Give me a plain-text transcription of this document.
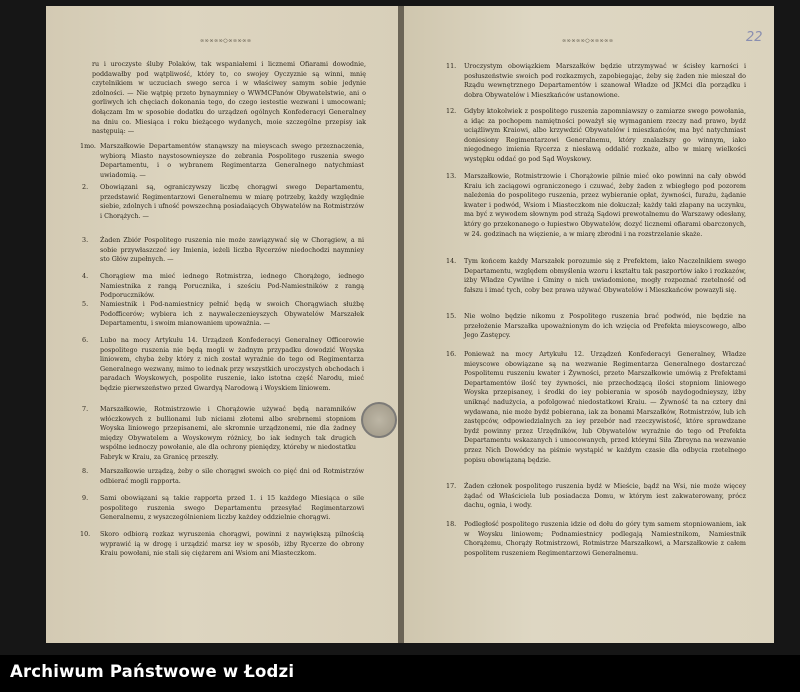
∞∞∞∞∞○∞∞∞∞∞	∞∞∞∞∞○∞∞∞∞∞	22
ru i uroczyste śluby Polaków, tak wspaniałemi i licznemi Ofiarami dowodnie, poddawałby pod wątpliwość, który to, co swojey Oyczyznie są winni, mnię czytelnikiem w uczuciach swego serca i w właściwey samym sobie jedynie zdolności. — Nie wątpię przeto bynaymniey o WWMCPanów Obywatelstwie, ani o gorliwych ich chęciach dokonania tego, do czego iestestie wezwani i umocowani; dołączam Im w sposobie dodatku do urządzeń ogólnych Konfederacyi Generalney na dniu co. Miesiąca i roku bieżącego wydanych, moie szczególne przepisy iak następuią: —
1mo. Marszałkowie Departamentów stanąwszy na mieyscach swego przeznaczenia, wybiorą Miasto naystosownieysze do zebrania Pospolitego ruszenia swego Departamentu, i o wybranem Regimentarza Generalnego natychmiast uwiadomią. —
2. Obowiązani są, ograniczywszy liczbę chorągwi swego Departamentu, przedstawić Regimentarzowi Generalnemu w miarę potrzeby, każdy względnie siebie, zdolnych i ufność powszechną posiadaiących Obywatelów na Rotmistrzów i Chorążych. —
3. Żaden Zbiór Pospolitego ruszenia nie może zawiązywać się w Chorągiew, a ni sobie przywłaszczeć iey Imienia, ieżeli liczba Rycerzów niedochodzi naymniey sto Głów zupełnych. —
4. Chorągiew ma mieć iednego Rotmistrza, iednego Chorążego, iednego Namiestnika z rangą Porucznika, i sześciu Pod-Namiestników z rangą Podporuczników.
5. Namiestnik i Pod-namiestnicy pełnić będą w swoich Chorągwiach służbę Podofficerów; wybiera ich z naywaleczenieyszych Obywatelów Marszałek Departamentu, i swoim mianowaniem upoważnia. —
6. Lubo na mocy Artykułu 14. Urządzeń Konfederacyi Generalney Officerowie pospolitego ruszenia nie będą mogli w żadnym przypadku dowodzić Woyska liniowem, chyba żeby który z nich został wyraźnie do tego od Regimentarza Generalnego wezwany, mimo to iednak przy wszystkich uroczystych obchodach i paradach Woyskowych, pospolite ruszenie, iako istotna część Narodu, mieć będzie pierwszeństwo przed Gwardyą Narodową i Woyskiem liniowem.
7. Marszałkowie, Rotmistrzowie i Chorążowie używać będą naramników włóczkowych z bullionami lub niciami złotemi albo srebrnemi stopniom Woyska liniowego przepisanemi, ale skromnie urządzonemi, nie dla żadney między Obywatelem a Woyskowym różnicy, bo iak iednych tak drugich wspólne iednoczy powołanie, ale dla ochrony pieniędzy, któreby w niedostatku Fabryk w Kraiu, za Granicę przeszły.
8. Marszałkowie urządzą, żeby o sile chorągwi swoich co pięć dni od Rotmistrzów odbierać mogli rapporta.
9. Sami obowiązani są takie rapporta przed 1. i 15 każdego Miesiąca o sile pospolitego ruszenia swego Departamentu przesyłać Regimentarzowi Generalnemu, z wyszczególnieniem liczby każdey oddzielnie chorągwi.
10. Skoro odbiorą rozkaz wyruszenia chorągwi, powinni z naywiększą pilnością wyprawić ią w drogę i urządzić marsz iey w sposób, iżby Rycerze do obrony Kraiu powołani, nie stali się ciężarem ani Wsiom ani Miasteczkom.
11. Uroczystym obowiązkiem Marszałków będzie utrzymywać w ścisłey karności i posłuszeństwie swoich pod rozkazmych, zapobiegając, żeby się żaden nie mieszał do Rządu wewnętrznego Departamentów i szanował Władze od JKMci dla porządku i dobra Obywatelów i Mieszkańców ustanowione.
12. Gdyby ktokolwiek z pospolitego ruszenia zapomniawszy o zamiarze swego powołania, a idąc za pochopem namiętności poważył się wymaganiem rzeczy nad prawo, bydź uciążliwym Kraiowi, albo krzywdzić Obywatelów i mieszkańców, ma być natychmiast doniesiony Regimentarzowi Generalnemu, który znalazłszy go winnym, iako niegodnego imienia Rycerza z niesławą oddalić rozkaże, albo w miarę wielkości występku oddać go pod Sąd Woyskowy.
13. Marszałkowie, Rotmistrzowie i Chorążowie pilnie mieć oko powinni na cały obwód Kraiu ich zaciągowi ograniczonego i czuwać, żeby żaden z wbiegłego pod pozorem należenia do pospolitego ruszenia, przez wybieranie opłat, żywności, furażu, żądanie kwater i podwód, Wsiom i Miasteczkom nie dokuczał; każdy taki złapany na uczynku, ma być z wywodem słownym pod strażą Sądowi prewotalnemu do Warszawy odesłany, który go przekonanego o łupiestwo Obywatelów, dozyć licznemi ofiarami obarczonych, w 24. godzinach na więzienie, a w miarę zbrodni i na rozstrzelanie skaże.
14. Tym końcem każdy Marszałek porozumie się z Prefektem, iako Naczelnikiem swego Departamentu, względem obmyślenia wzoru i kształtu tak paszportów iako i rozkazów, iżby Władze Cywilne i Gminy o nich uwiadomione, mogły rozpoznać rzetelność od fałszu i imać tych, coby bez prawa używać Obywatelów i Mieszkańców powazyli się.
15. Nie wolno będzie nikomu z Pospolitego ruszenia brać podwód, nie będzie na przełożenie Marszałka upoważnionym do ich wzięcia od Prefekta mieyscowego, albo Jego Zastępcy.
16. Ponieważ na mocy Artykułu 12. Urządzeń Konfederacyi Generalney, Władze mieyscowe obowiązane są na wezwanie Regimentarza Generalnego dostarczać Pospolitemu ruszeniu kwater i Żywności, przeto Marszałkowie umówią z Prefektami Departamentów ilość tey żywności, nie przechodzącą ilości stopniom liniowego Woyska przepisaney, i środki do iey pobierania w sposób naydogodnieyszy, iżby uniknąć nadużycia, a pofolgować niedostatkowi Kraiu. — Żywność ta na cztery dni wydawana, nie może bydź pobierana, iak za bonami Marszałków, Rotmistrzów, lub ich zastępców, odpowiedzialnych za iey przebór nad rzeczywistość, które sprawdzane bydź powinny przez Urzędników, lub Obywatelów wyraźnie do tego od Prefekta Departamentu wskazanych i umocowanych, przed którymi Siła Zbroyna na wezwanie przez Nich Dowódcy na piśmie wystąpić w każdym czasie dla odbycia rzetelnego popisu obowiązaną będzie.
17. Żaden członek pospolitego ruszenia bydź w Mieście, bądź na Wsi, nie może więcey żądać od Właściciela lub posiadacza Domu, w którym iest zakwaterowany, prócz dachu, ognia, i wody.
18. Podległość pospolitego ruszenia idzie od dołu do góry tym samem stopniowaniem, iak w Woysku liniowem; Podnamiestnicy podlegają Namiestnikom, Namiestnik Chorążemu, Chorąży Rotmistrzowi, Rotmistrze Marszałkowi, a Marszałkowie z całem pospolitem ruszeniem Regimentarzowi Generalnemu.
Archiwum Państwowe w Łodzi
